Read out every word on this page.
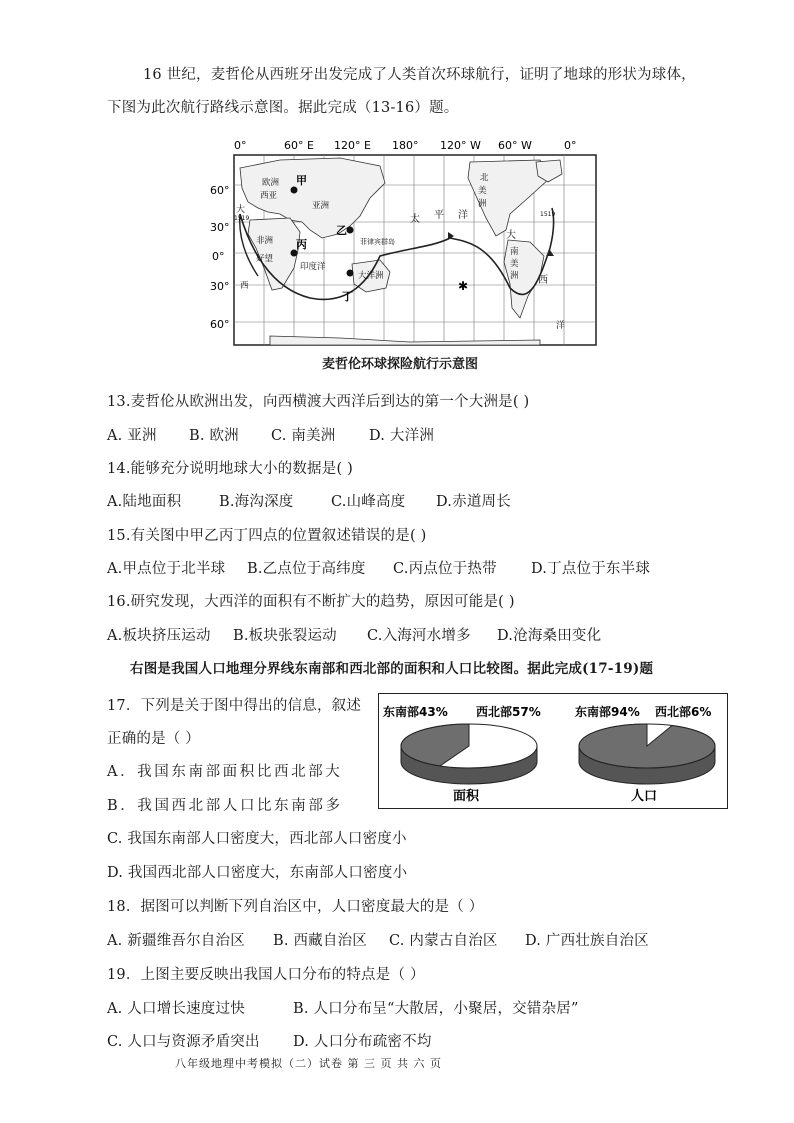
16 世纪，麦哲伦从西班牙出发完成了人类首次环球航行，证明了地球的形状为球体，
下图为此次航行路线示意图。据此完成（13-16）题。
0°	60° E 120° E 180° 120° W 60° W	0°
60°
30°
0°
30°
60°
✱
甲
乙
丙
丁
欧洲
西亚
亚洲
非洲
印度洋
大洋洲
菲律宾群岛
好望
西
太 平 洋
北
美
洲
大
西
南
美
洲
大
洋
1519
1519
麦哲伦环球探险航行示意图
13.麦哲伦从欧洲出发，向西横渡大西洋后到达的第一个大洲是( )
A. 亚洲 B. 欧洲 C. 南美洲 D. 大洋洲
14.能够充分说明地球大小的数据是( )
A.陆地面积	B.海沟深度	C.山峰高度 D.赤道周长
15.有关图中甲乙丙丁四点的位置叙述错误的是( )
A.甲点位于北半球 B.乙点位于高纬度 C.丙点位于热带 D.丁点位于东半球
16.研究发现，大西洋的面积有不断扩大的趋势，原因可能是( )
A.板块挤压运动 B.板块张裂运动 C.入海河水增多 D.沧海桑田变化
右图是我国人口地理分界线东南部和西北部的面积和人口比较图。据此完成(17-19)题
东南部43% 西北部57%	东南部94% 西北部6%
面积	人口
17．下列是关于图中得出的信息，叙述
正确的是（ ）
A．我国东南部面积比西北部大
B．我国西北部人口比东南部多
C. 我国东南部人口密度大，西北部人口密度小
D. 我国西北部人口密度大，东南部人口密度小
18．据图可以判断下列自治区中，人口密度最大的是（ ）
A. 新疆维吾尔自治区 B. 西藏自治区 C. 内蒙古自治区 D. 广西壮族自治区
19．上图主要反映出我国人口分布的特点是（ ）
A. 人口增长速度过快	B. 人口分布呈“大散居，小聚居，交错杂居”
C. 人口与资源矛盾突出 D. 人口分布疏密不均
八年级地理中考模拟（二）试卷 第 三 页 共 六 页
